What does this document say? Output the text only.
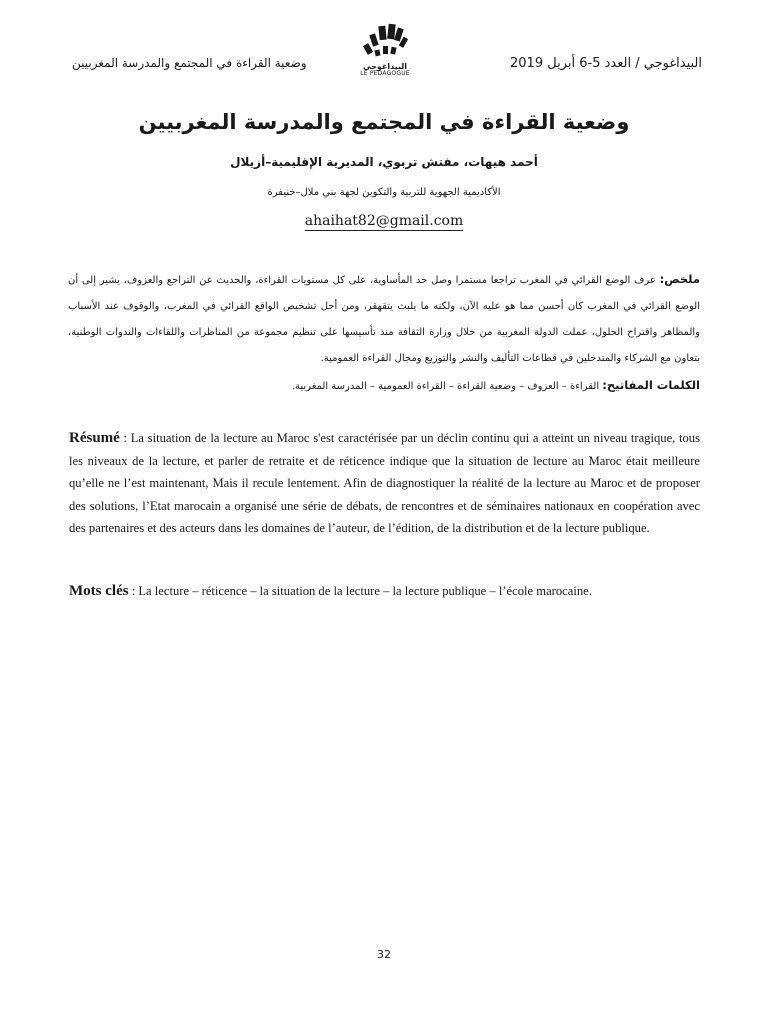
البيداغوجي / العدد 5-6 أبريل 2019
البيداغوجي
LE PEDAGOGUE
وضعية القراءة في المجتمع والمدرسة المغربيين
وضعية القراءة في المجتمع والمدرسة المغربيين
أحمد هيهات، مفتش تربوي، المديرية الإقليمية–أزيلال
الأكاديمية الجهوية للتربية والتكوين لجهة بني ملال–خنيفرة
ahaihat82@gmail.com
ملخص: عرف الوضع القرائي في المغرب تراجعا مستمرا وصل حد المأساوية، على كل مستويات القراءة، والحديث عن التراجع والعزوف، يشير إلى أن الوضع القرائي في المغرب كان أحسن مما هو عليه الآن، ولكنه ما يلبث يتقهقر، ومن أجل تشخيص الواقع القرائي في المغرب، والوقوف عند الأسباب والمظاهر واقتراح الحلول، عملت الدولة المغربية من خلال وزارة الثقافة منذ تأسيسها على تنظيم مجموعة من المناظرات واللقاءات والندوات الوطنية، بتعاون مع الشركاء والمتدخلين في قطاعات التأليف والنشر والتوزيع ومجال القراءة العمومية.
الكلمات المفاتيح: القراءة – العزوف – وضعية القراءة – القراءة العمومية – المدرسة المغربية.
Résumé : La situation de la lecture au Maroc s'est caractérisée par un déclin continu qui a atteint un niveau tragique, tous les niveaux de la lecture, et parler de retraite et de réticence indique que la situation de lecture au Maroc était meilleure qu’elle ne l’est maintenant, Mais il recule lentement. Afin de diagnostiquer la réalité de la lecture au Maroc et de proposer des solutions, l’Etat marocain a organisé une série de débats, de rencontres et de séminaires nationaux en coopération avec des partenaires et des acteurs dans les domaines de l’auteur, de l’édition, de la distribution et de la lecture publique.
Mots clés : La lecture – réticence – la situation de la lecture – la lecture publique – l’école marocaine.
32
